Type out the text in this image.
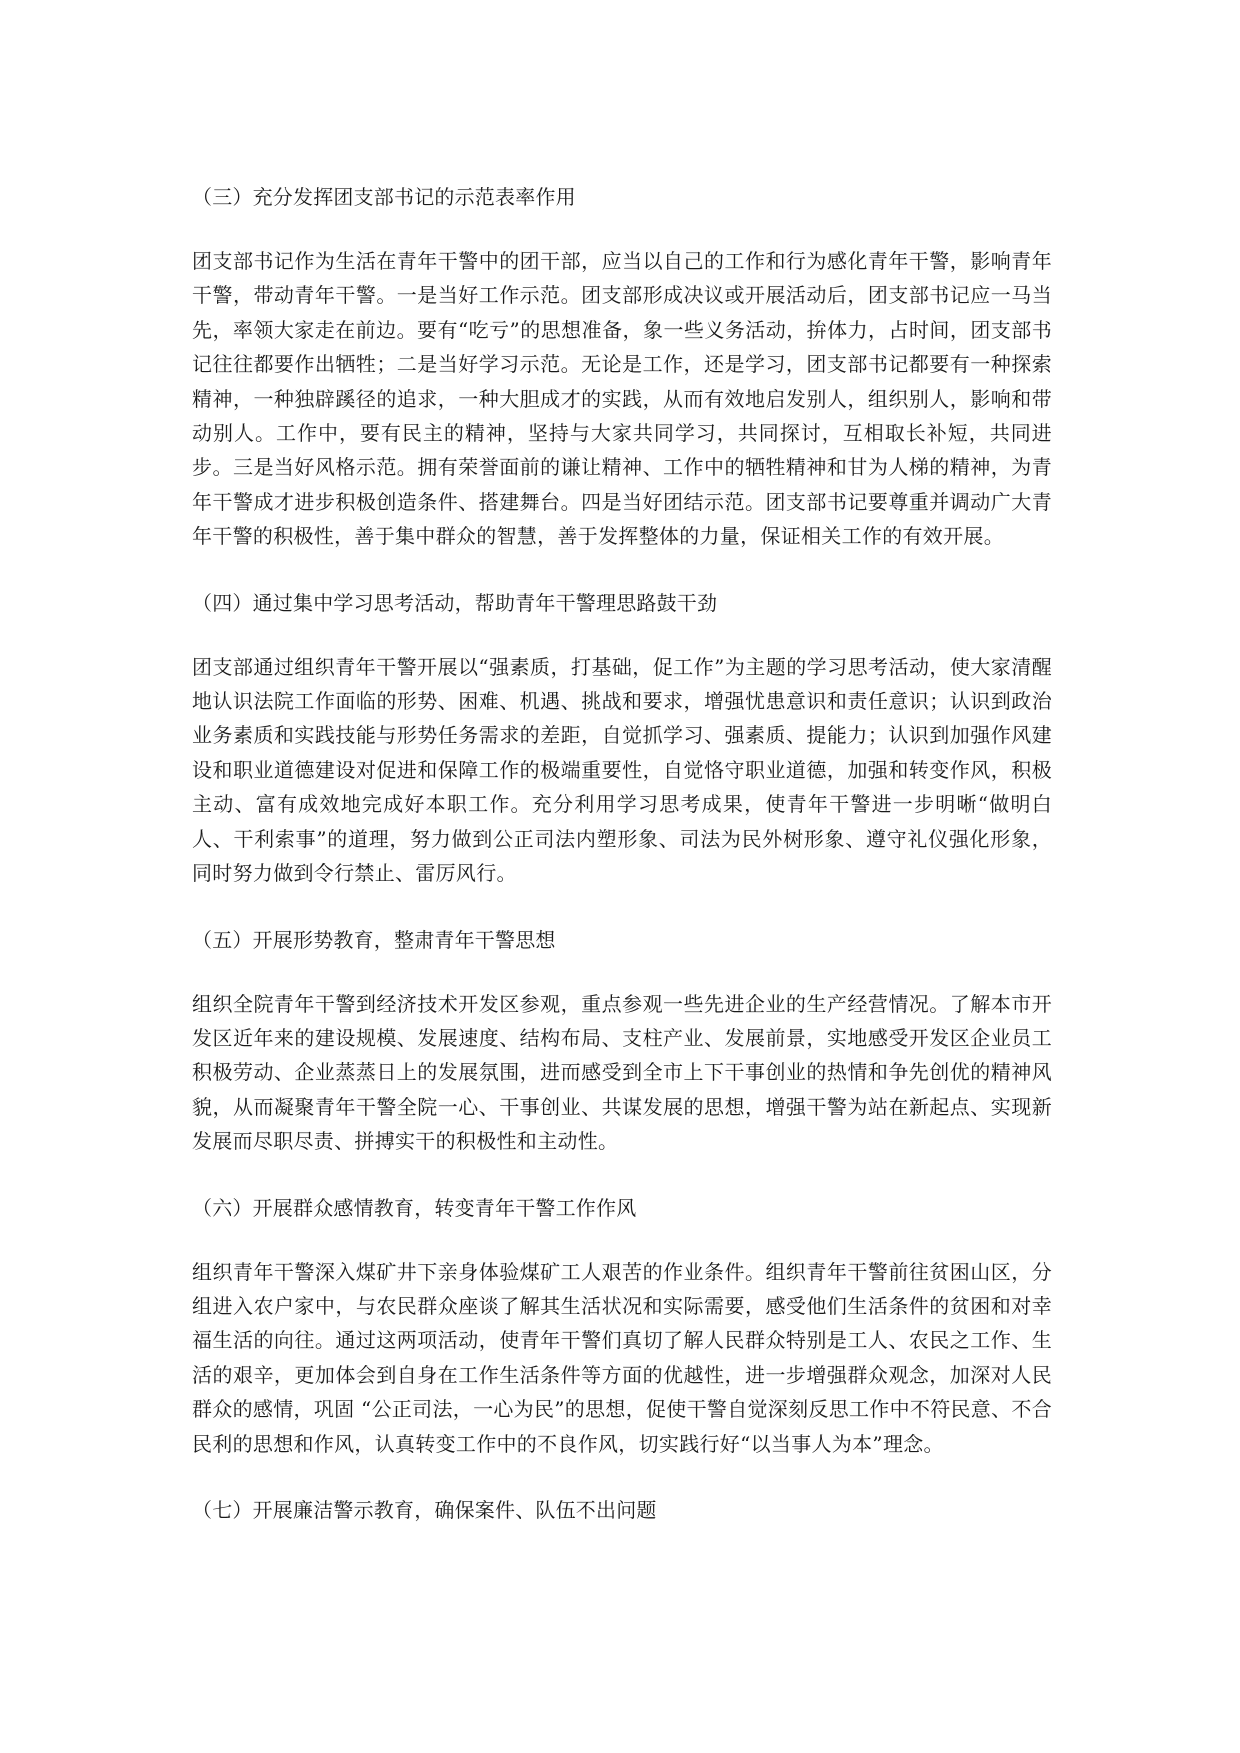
（三）充分发挥团支部书记的示范表率作用

团支部书记作为生活在青年干警中的团干部，应当以自己的工作和行为感化青年干警，影响青年干警，带动青年干警。一是当好工作示范。团支部形成决议或开展活动后，团支部书记应一马当先，率领大家走在前边。要有“吃亏”的思想准备，象一些义务活动，拚体力，占时间，团支部书记往往都要作出牺牲；二是当好学习示范。无论是工作，还是学习，团支部书记都要有一种探索精神，一种独辟蹊径的追求，一种大胆成才的实践，从而有效地启发别人，组织别人，影响和带动别人。工作中，要有民主的精神，坚持与大家共同学习，共同探讨，互相取长补短，共同进步。三是当好风格示范。拥有荣誉面前的谦让精神、工作中的牺牲精神和甘为人梯的精神，为青年干警成才进步积极创造条件、搭建舞台。四是当好团结示范。团支部书记要尊重并调动广大青年干警的积极性，善于集中群众的智慧，善于发挥整体的力量，保证相关工作的有效开展。

（四）通过集中学习思考活动，帮助青年干警理思路鼓干劲

团支部通过组织青年干警开展以“强素质，打基础，促工作”为主题的学习思考活动，使大家清醒地认识法院工作面临的形势、困难、机遇、挑战和要求，增强忧患意识和责任意识；认识到政治业务素质和实践技能与形势任务需求的差距，自觉抓学习、强素质、提能力；认识到加强作风建设和职业道德建设对促进和保障工作的极端重要性，自觉恪守职业道德，加强和转变作风，积极主动、富有成效地完成好本职工作。充分利用学习思考成果，使青年干警进一步明晰“做明白人、干利索事”的道理，努力做到公正司法内塑形象、司法为民外树形象、遵守礼仪强化形象，同时努力做到令行禁止、雷厉风行。

（五）开展形势教育，整肃青年干警思想

组织全院青年干警到经济技术开发区参观，重点参观一些先进企业的生产经营情况。了解本市开发区近年来的建设规模、发展速度、结构布局、支柱产业、发展前景，实地感受开发区企业员工积极劳动、企业蒸蒸日上的发展氛围，进而感受到全市上下干事创业的热情和争先创优的精神风貌，从而凝聚青年干警全院一心、干事创业、共谋发展的思想，增强干警为站在新起点、实现新发展而尽职尽责、拼搏实干的积极性和主动性。

（六）开展群众感情教育，转变青年干警工作作风

组织青年干警深入煤矿井下亲身体验煤矿工人艰苦的作业条件。组织青年干警前往贫困山区，分组进入农户家中，与农民群众座谈了解其生活状况和实际需要，感受他们生活条件的贫困和对幸福生活的向往。通过这两项活动，使青年干警们真切了解人民群众特别是工人、农民之工作、生活的艰辛，更加体会到自身在工作生活条件等方面的优越性，进一步增强群众观念，加深对人民群众的感情，巩固 “公正司法，一心为民”的思想，促使干警自觉深刻反思工作中不符民意、不合民利的思想和作风，认真转变工作中的不良作风，切实践行好“以当事人为本”理念。

（七）开展廉洁警示教育，确保案件、队伍不出问题
